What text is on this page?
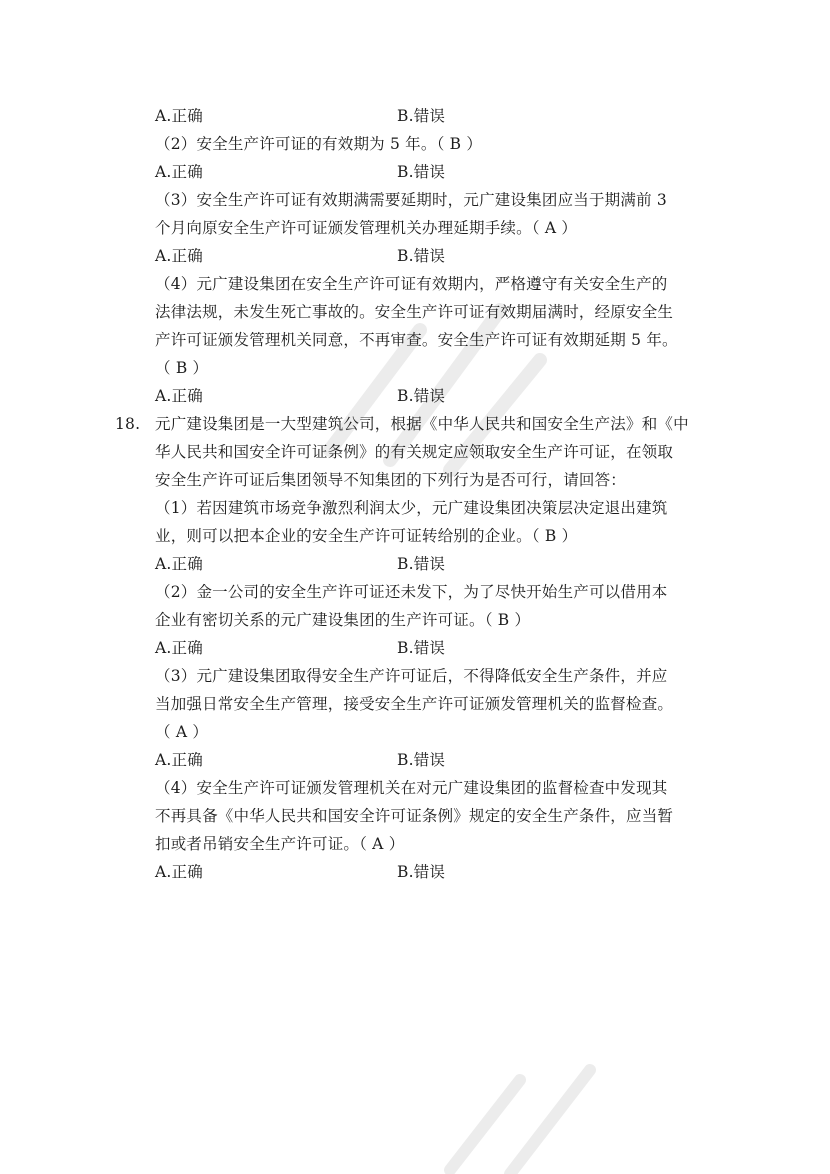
A.正确	B.错误
（2）安全生产许可证的有效期为 5 年。（ B ）
A.正确	B.错误
（3）安全生产许可证有效期满需要延期时，元广建设集团应当于期满前 3
个月向原安全生产许可证颁发管理机关办理延期手续。（ A ）
A.正确	B.错误
（4）元广建设集团在安全生产许可证有效期内，严格遵守有关安全生产的
法律法规，未发生死亡事故的。安全生产许可证有效期届满时，经原安全生
产许可证颁发管理机关同意，不再审查。安全生产许可证有效期延期 5 年。
（ B ）
A.正确	B.错误
18. 元广建设集团是一大型建筑公司，根据《中华人民共和国安全生产法》和《中
华人民共和国安全许可证条例》的有关规定应领取安全生产许可证，在领取
安全生产许可证后集团领导不知集团的下列行为是否可行，请回答：
（1）若因建筑市场竞争激烈利润太少，元广建设集团决策层决定退出建筑
业，则可以把本企业的安全生产许可证转给别的企业。（ B ）
A.正确	B.错误
（2）金一公司的安全生产许可证还未发下，为了尽快开始生产可以借用本
企业有密切关系的元广建设集团的生产许可证。（ B ）
A.正确	B.错误
（3）元广建设集团取得安全生产许可证后，不得降低安全生产条件，并应
当加强日常安全生产管理，接受安全生产许可证颁发管理机关的监督检查。
（ A ）
A.正确	B.错误
（4）安全生产许可证颁发管理机关在对元广建设集团的监督检查中发现其
不再具备《中华人民共和国安全许可证条例》规定的安全生产条件，应当暂
扣或者吊销安全生产许可证。（ A ）
A.正确	B.错误
